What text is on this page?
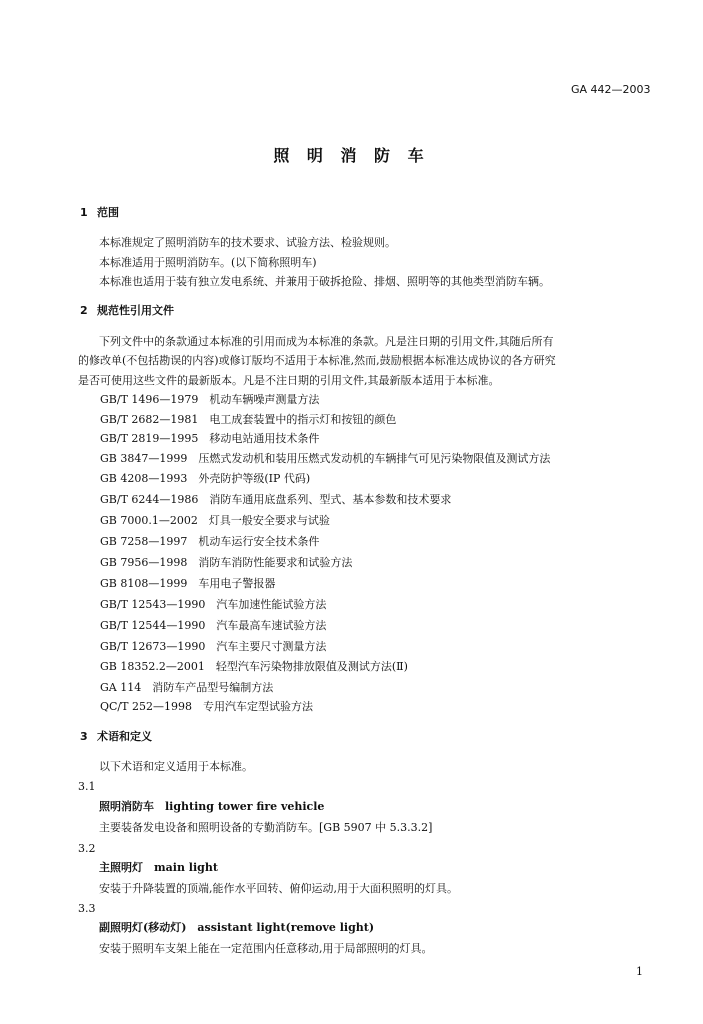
GA 442—2003
照 明 消 防 车
1 范围
本标准规定了照明消防车的技术要求、试验方法、检验规则。
本标准适用于照明消防车。(以下简称照明车)
本标准也适用于装有独立发电系统、并兼用于破拆抢险、排烟、照明等的其他类型消防车辆。
2 规范性引用文件
下列文件中的条款通过本标准的引用而成为本标准的条款。凡是注日期的引用文件,其随后所有
的修改单(不包括勘误的内容)或修订版均不适用于本标准,然而,鼓励根据本标准达成协议的各方研究
是否可使用这些文件的最新版本。凡是不注日期的引用文件,其最新版本适用于本标准。
GB/T 1496—1979　 机动车辆噪声测量方法
GB/T 2682—1981　 电工成套装置中的指示灯和按钮的颜色
GB/T 2819—1995　 移动电站通用技术条件
GB 3847—1999　 压燃式发动机和装用压燃式发动机的车辆排气可见污染物限值及测试方法
GB 4208—1993　 外壳防护等级(IP 代码)
GB/T 6244—1986　 消防车通用底盘系列、型式、基本参数和技术要求
GB 7000.1—2002　 灯具一般安全要求与试验
GB 7258—1997　 机动车运行安全技术条件
GB 7956—1998　 消防车消防性能要求和试验方法
GB 8108—1999　 车用电子警报器
GB/T 12543—1990　 汽车加速性能试验方法
GB/T 12544—1990　 汽车最高车速试验方法
GB/T 12673—1990　 汽车主要尺寸测量方法
GB 18352.2—2001　 轻型汽车污染物排放限值及测试方法(Ⅱ)
GA 114　 消防车产品型号编制方法
QC/T 252—1998　 专用汽车定型试验方法
3 术语和定义
以下术语和定义适用于本标准。
3.1
照明消防车　lighting tower fire vehicle
主要装备发电设备和照明设备的专勤消防车。[GB 5907 中 5.3.3.2]
3.2
主照明灯　main light
安装于升降装置的顶端,能作水平回转、俯仰运动,用于大面积照明的灯具。
3.3
副照明灯(移动灯)　assistant light(remove light)
安装于照明车支架上能在一定范围内任意移动,用于局部照明的灯具。
1
